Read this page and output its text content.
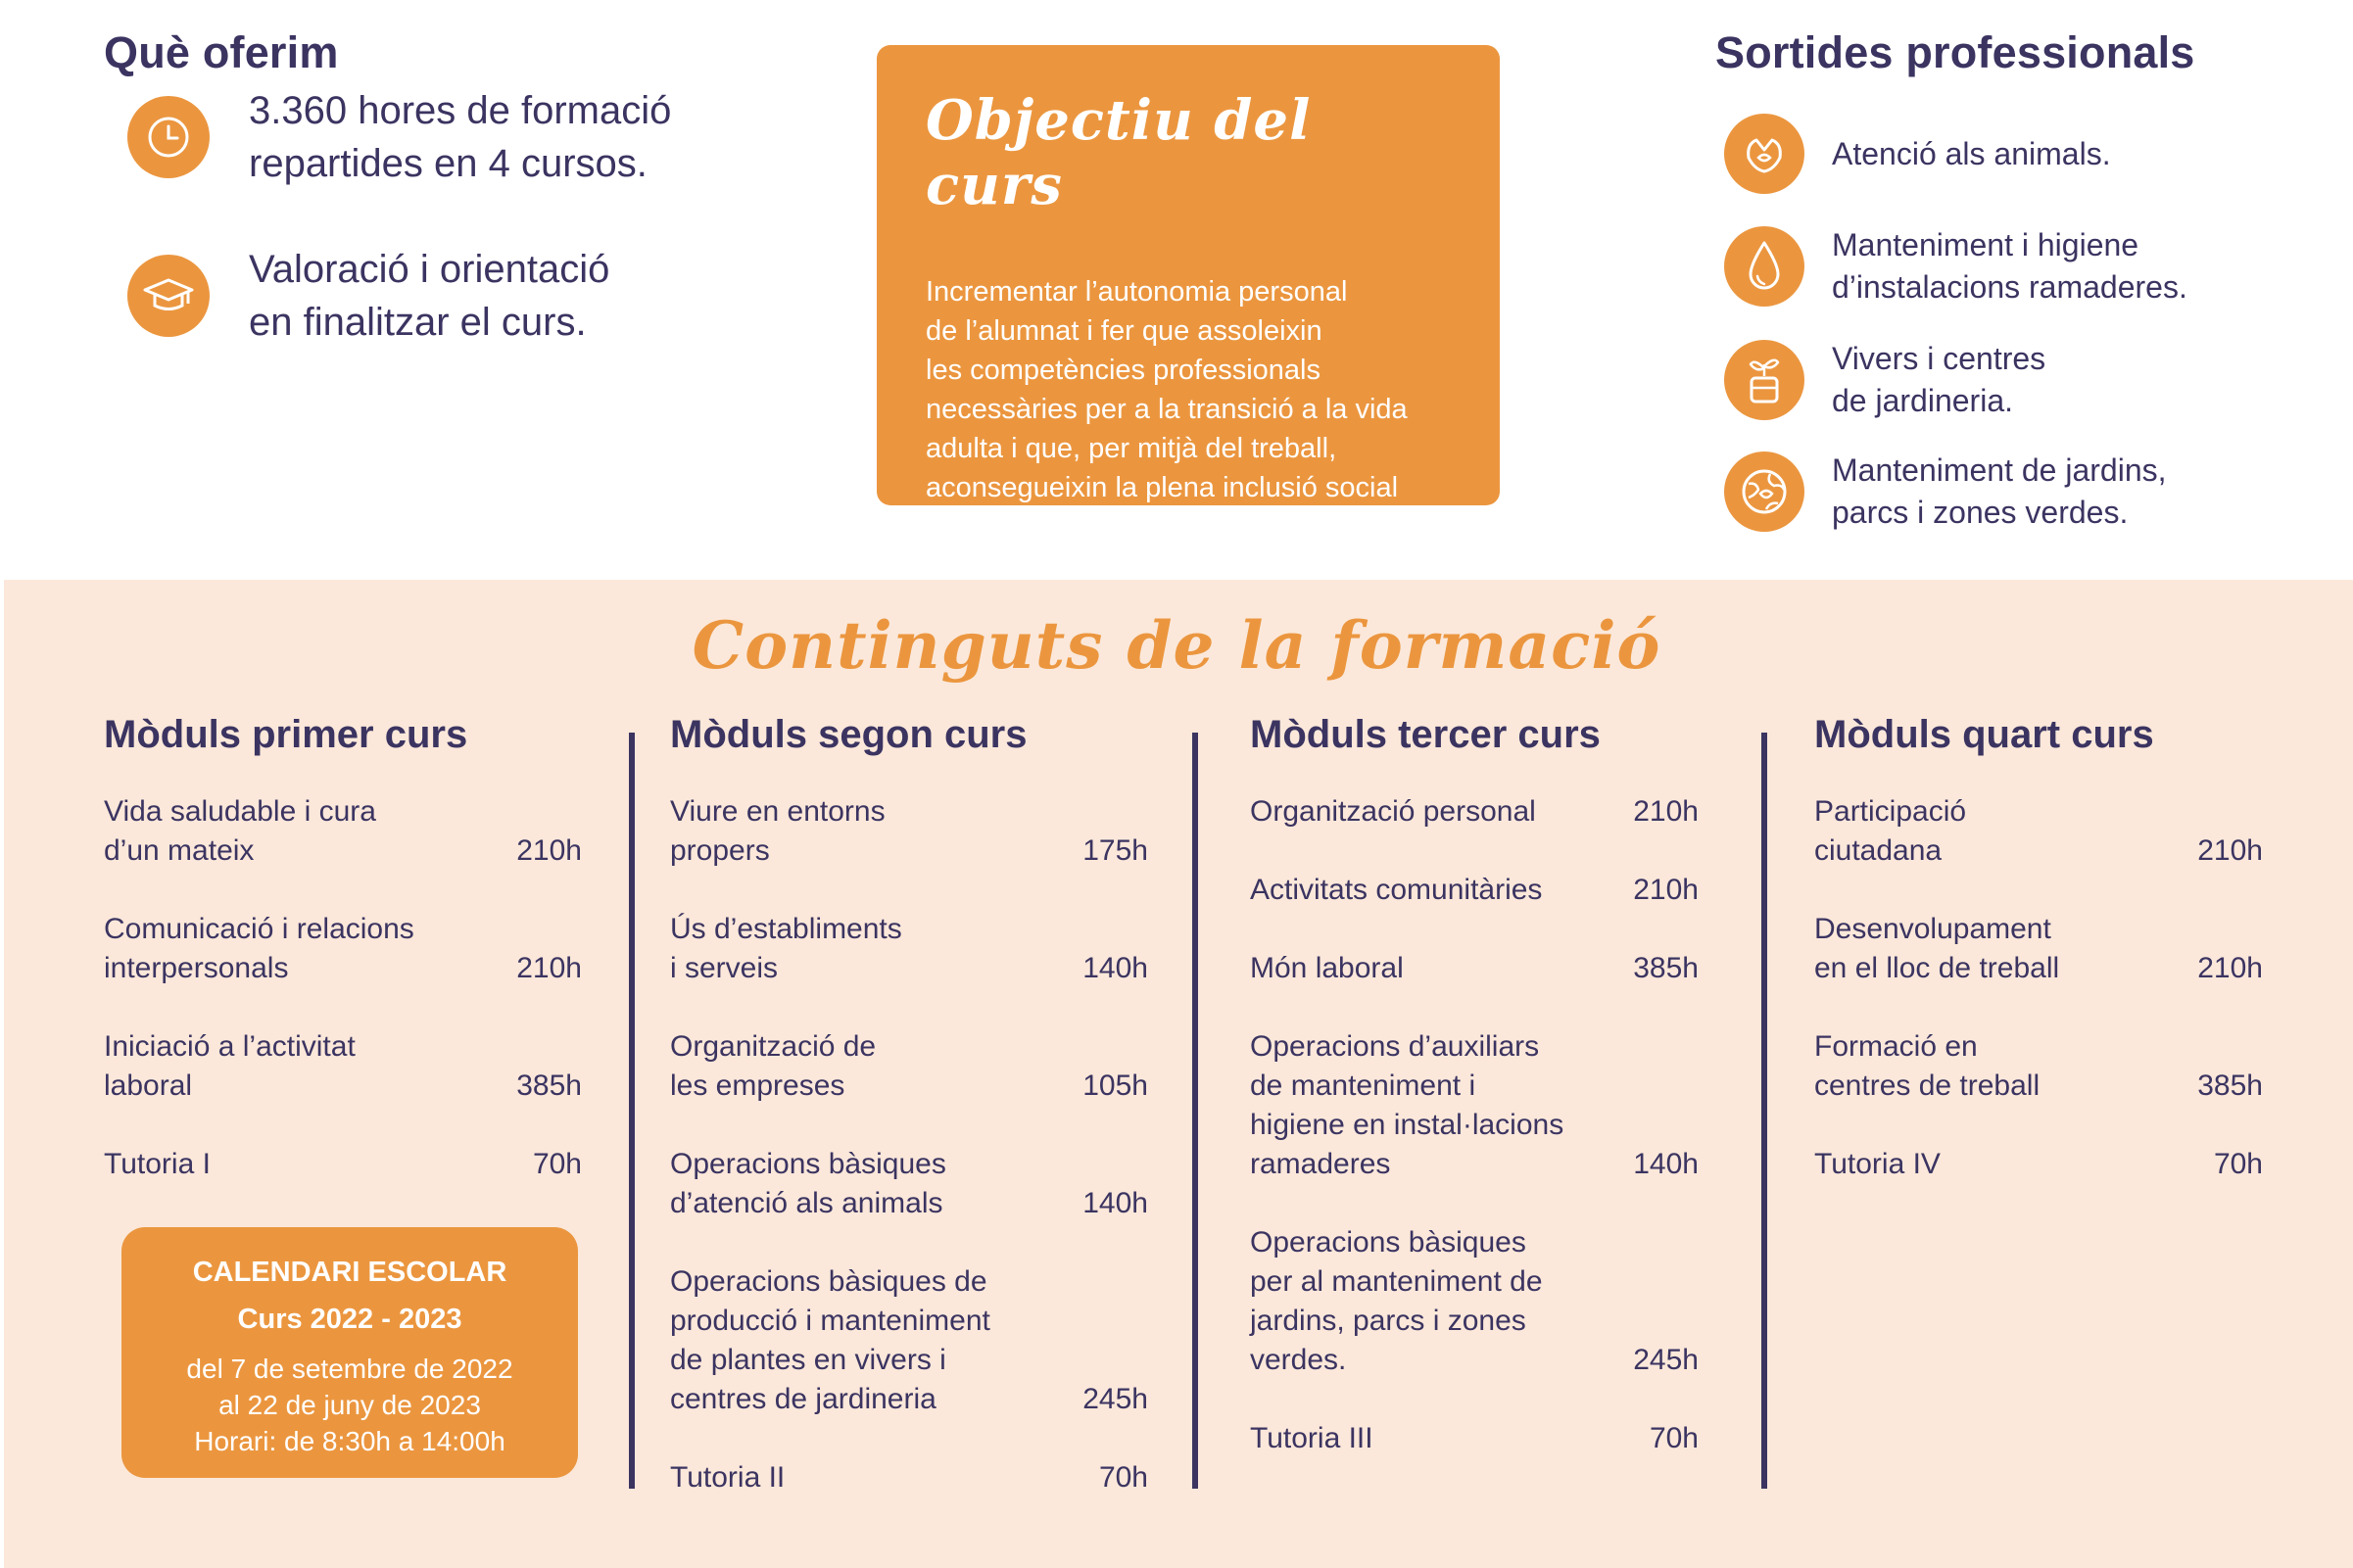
Què oferim
3.360 hores de formació
repartides en 4 cursos.
Valoració i orientació
en finalitzar el curs.
Objectiu del curs
Incrementar l’autonomia personal
de l’alumnat i fer que assoleixin
les competències professionals
necessàries per a la transició a la vida
adulta i que, per mitjà del treball,
aconsegueixin la plena inclusió social
i laboral.
Sortides professionals
Atenció als animals.
Manteniment i higiene
d’instalacions ramaderes.
Vivers i centres
de jardineria.
Manteniment de jardins,
parcs i zones verdes.
Continguts de la formació
Mòduls primer curs
Vida saludable i cura
d’un mateix	210h
Comunicació i relacions
interpersonals	210h
Iniciació a l’activitat
laboral	385h
Tutoria I	70h
Mòduls segon curs
Viure en entorns
propers	175h
Ús d’establiments
i serveis	140h
Organització de
les empreses	105h
Operacions bàsiques
d’atenció als animals	140h
Operacions bàsiques de
producció i manteniment
de plantes en vivers i
centres de jardineria	245h
Tutoria II	70h
Mòduls tercer curs
Organització personal	210h
Activitats comunitàries	210h
Món laboral	385h
Operacions d’auxiliars
de manteniment i
higiene en instal·lacions
ramaderes	140h
Operacions bàsiques
per al manteniment de
jardins, parcs i zones
verdes.	245h
Tutoria III	70h
Mòduls quart curs
Participació
ciutadana	210h
Desenvolupament
en el lloc de treball	210h
Formació en
centres de treball	385h
Tutoria IV	70h
CALENDARI ESCOLAR
Curs 2022 - 2023
del 7 de setembre de 2022
al 22 de juny de 2023
Horari: de 8:30h a 14:00h
